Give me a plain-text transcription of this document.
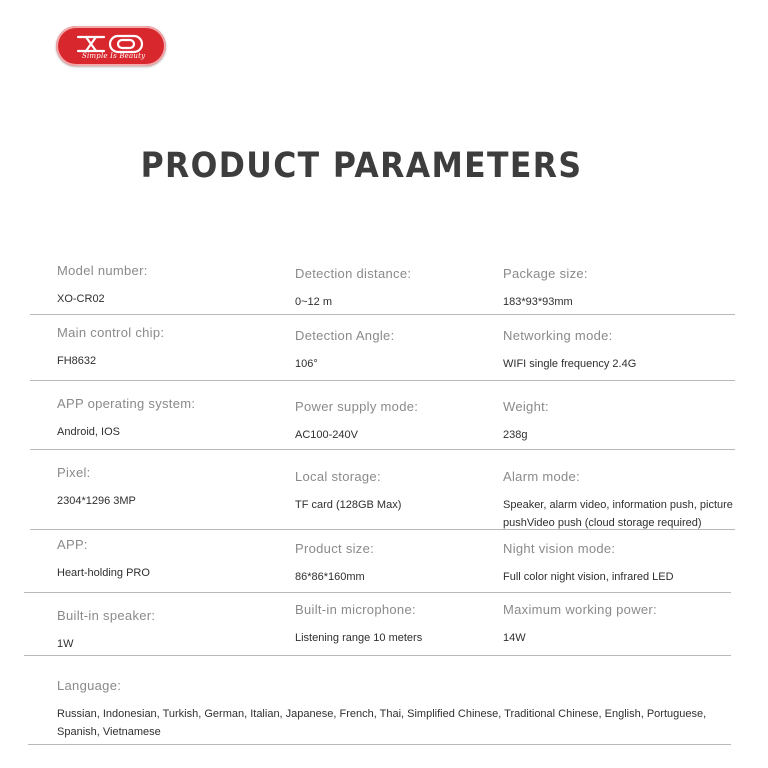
Simple Is Beauty
PRODUCT PARAMETERS
Model number:
XO-CR02
Detection distance:
0~12 m
Package size:
183*93*93mm
Main control chip:
FH8632
Detection Angle:
106°
Networking mode:
WIFI single frequency 2.4G
APP operating system:
Android, IOS
Power supply mode:
AC100-240V
Weight:
238g
Pixel:
2304*1296 3MP
Local storage:
TF card (128GB Max)
Alarm mode:
Speaker, alarm video, information push, picture pushVideo push (cloud storage required)
APP:
Heart-holding PRO
Product size:
86*86*160mm
Night vision mode:
Full color night vision, infrared LED
Built-in speaker:
1W
Built-in microphone:
Listening range 10 meters
Maximum working power:
14W
Language:
Russian, Indonesian, Turkish, German, Italian, Japanese, French, Thai, Simplified Chinese, Traditional Chinese, English, Portuguese, Spanish, Vietnamese
